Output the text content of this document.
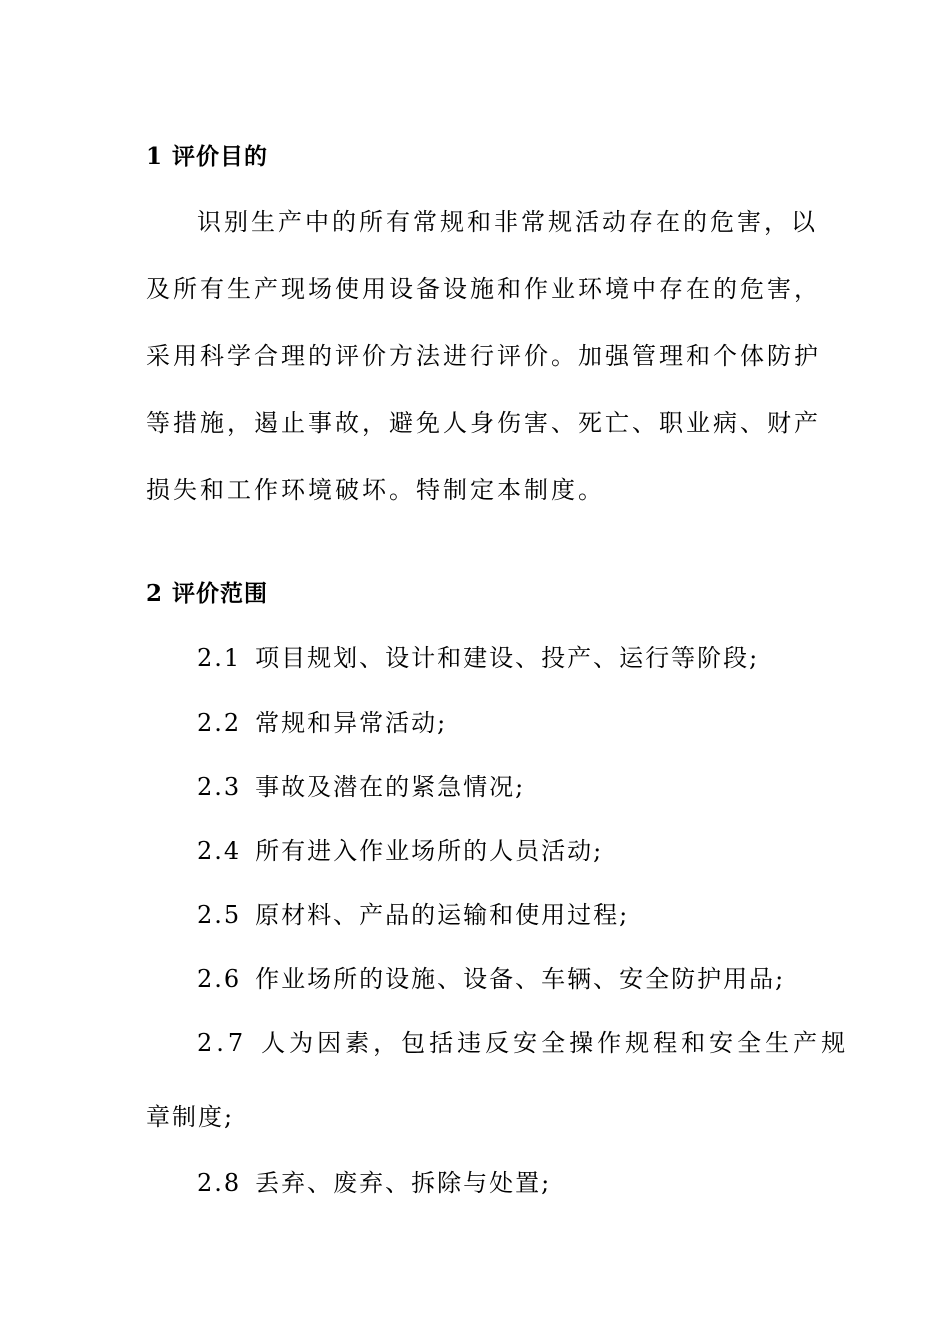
1 评价目的
识别生产中的所有常规和非常规活动存在的危害，以
及所有生产现场使用设备设施和作业环境中存在的危害，
采用科学合理的评价方法进行评价。加强管理和个体防护
等措施，遏止事故，避免人身伤害、死亡、职业病、财产
损失和工作环境破坏。特制定本制度。
2 评价范围
2.1 项目规划、设计和建设、投产、运行等阶段;
2.2 常规和异常活动;
2.3 事故及潜在的紧急情况;
2.4 所有进入作业场所的人员活动;
2.5 原材料、产品的运输和使用过程;
2.6 作业场所的设施、设备、车辆、安全防护用品;
2.7 人为因素，包括违反安全操作规程和安全生产规
章制度;
2.8 丢弃、废弃、拆除与处置;
